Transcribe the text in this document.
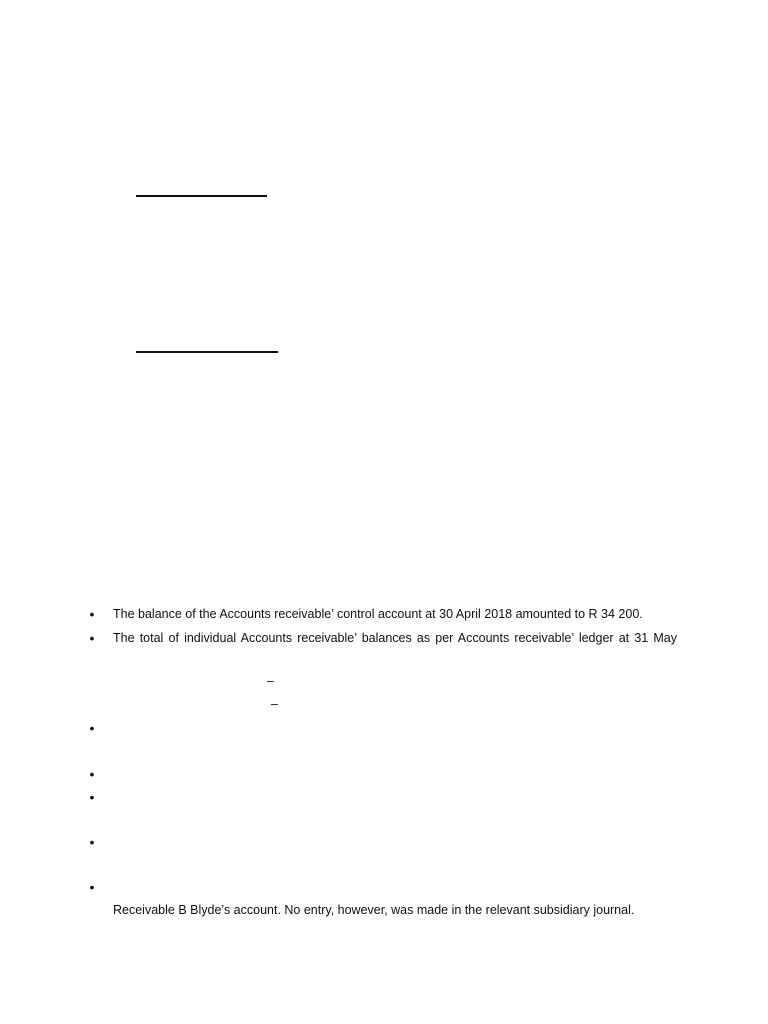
• The balance of the Accounts receivable’ control account at 30 April 2018 amounted to R 34 200.
• The total of individual Accounts receivable’ balances as per Accounts receivable’ ledger at 31 May
–
–
•
•
•
•
•
Receivable B Blyde’s account. No entry, however, was made in the relevant subsidiary journal.
